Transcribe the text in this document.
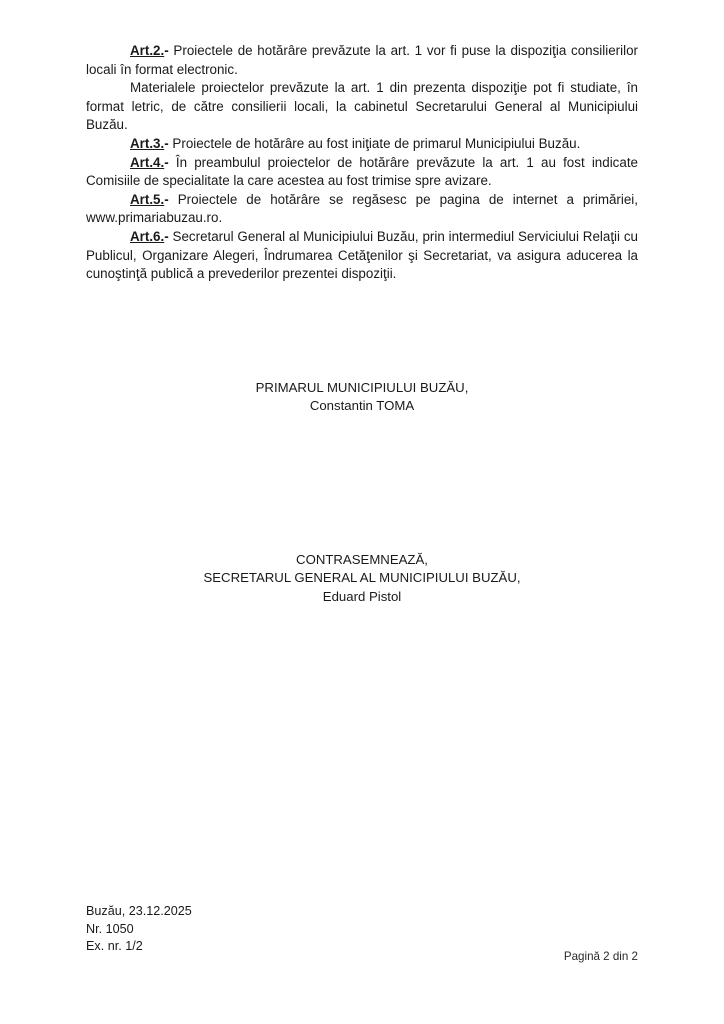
Art.2.- Proiectele de hotărâre prevăzute la art. 1 vor fi puse la dispoziţia consilierilor locali în format electronic.

Materialele proiectelor prevăzute la art. 1 din prezenta dispoziţie pot fi studiate, în format letric, de către consilierii locali, la cabinetul Secretarului General al Municipiului Buzău.

Art.3.- Proiectele de hotărâre au fost iniţiate de primarul Municipiului Buzău.

Art.4.- În preambulul proiectelor de hotărâre prevăzute la art. 1 au fost indicate Comisiile de specialitate la care acestea au fost trimise spre avizare.

Art.5.- Proiectele de hotărâre se regăsesc pe pagina de internet a primăriei, www.primariabuzau.ro.

Art.6.- Secretarul General al Municipiului Buzău, prin intermediul Serviciului Relaţii cu Publicul, Organizare Alegeri, Îndrumarea Cetăţenilor şi Secretariat, va asigura aducerea la cunoştinţă publică a prevederilor prezentei dispoziţii.

PRIMARUL MUNICIPIULUI BUZĂU,
Constantin TOMA
CONTRASEMNEAZĂ,
SECRETARUL GENERAL AL MUNICIPIULUI BUZĂU,
Eduard Pistol
Buzău, 23.12.2025
Nr. 1050
Ex. nr. 1/2
Pagină 2 din 2
